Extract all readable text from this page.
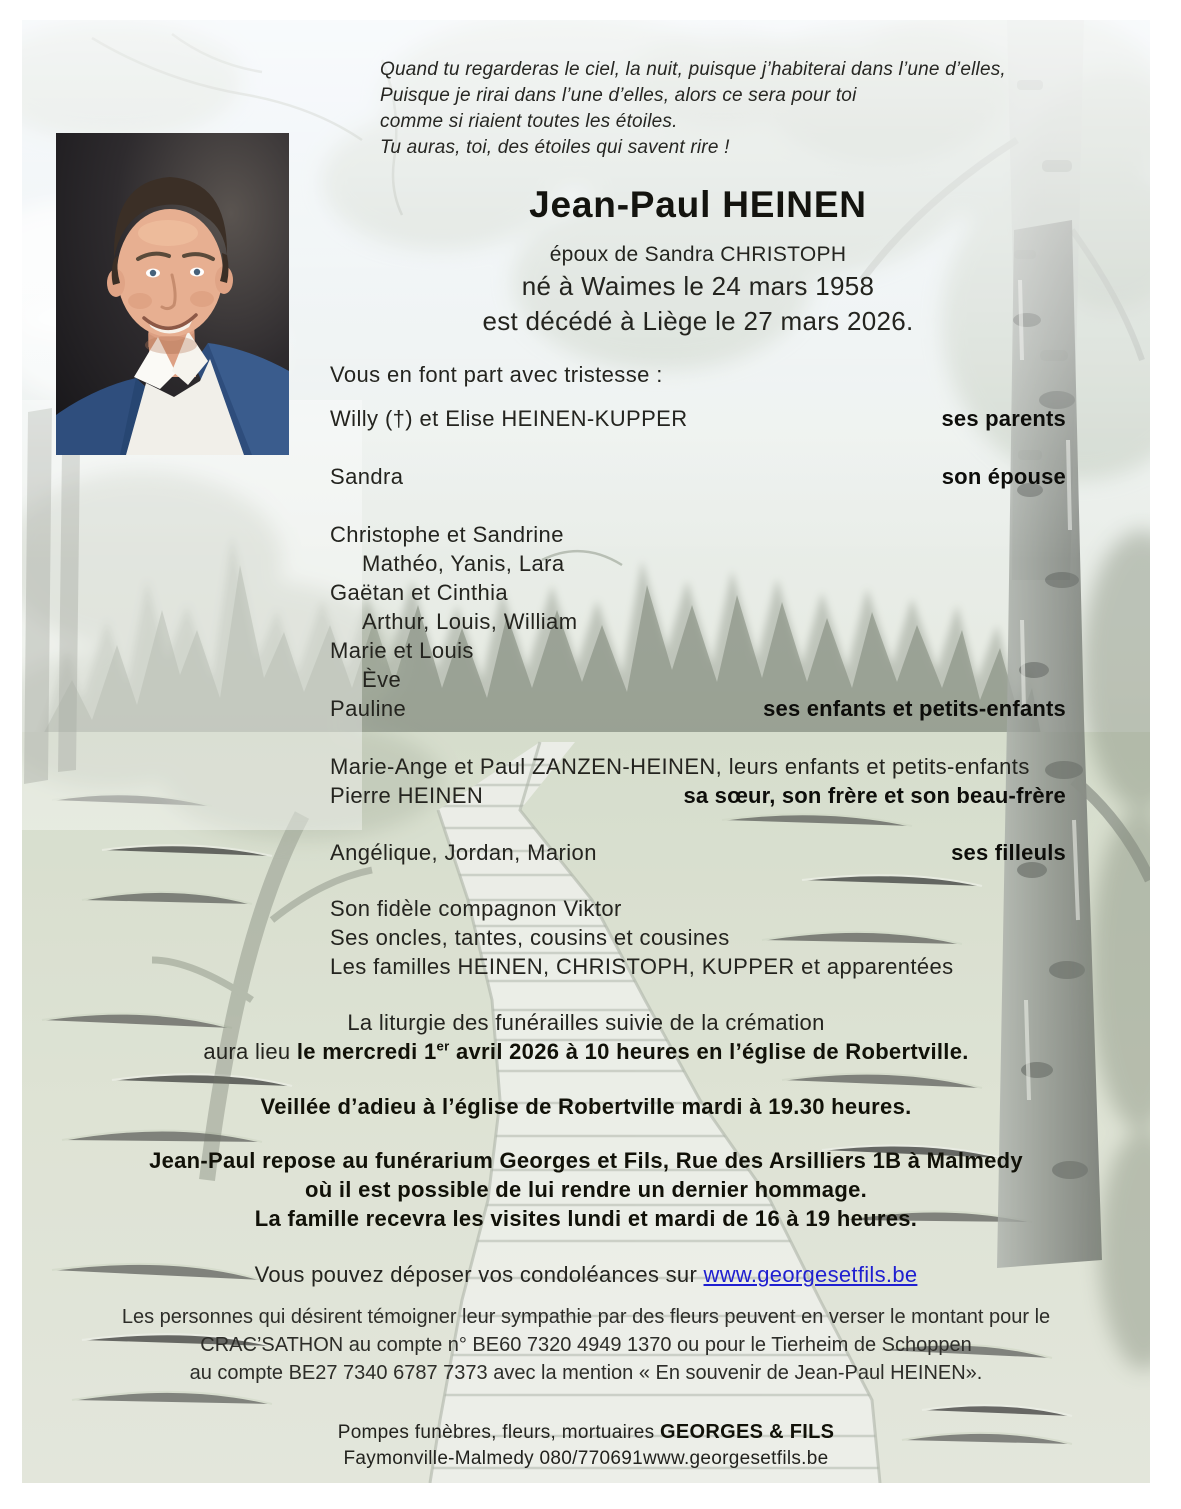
Quand tu regarderas le ciel, la nuit, puisque j’habiterai dans l’une d’elles,
Puisque je rirai dans l’une d’elles, alors ce sera pour toi
comme si riaient toutes les étoiles.
Tu auras, toi, des étoiles qui savent rire !
Jean-Paul HEINEN
époux de Sandra CHRISTOPH
né à Waimes le 24 mars 1958
est décédé à Liège le 27 mars 2026.
Vous en font part avec tristesse :
Willy (†) et Elise HEINEN-KUPPER	ses parents
Sandra	son épouse
Christophe et Sandrine
Mathéo, Yanis, Lara
Gaëtan et Cinthia
Arthur, Louis, William
Marie et Louis
Ève
Pauline	ses enfants et petits-enfants
Marie-Ange et Paul ZANZEN-HEINEN, leurs enfants et petits-enfants
Pierre HEINEN	sa sœur, son frère et son beau-frère
Angélique, Jordan, Marion	ses filleuls
Son fidèle compagnon Viktor
Ses oncles, tantes, cousins et cousines
Les familles HEINEN, CHRISTOPH, KUPPER et apparentées
La liturgie des funérailles suivie de la crémation
aura lieu le mercredi 1er avril 2026 à 10 heures en l’église de Robertville.
Veillée d’adieu à l’église de Robertville mardi à 19.30 heures.
Jean-Paul repose au funérarium Georges et Fils, Rue des Arsilliers 1B à Malmedy
où il est possible de lui rendre un dernier hommage.
La famille recevra les visites lundi et mardi de 16 à 19 heures.
Vous pouvez déposer vos condoléances sur www.georgesetfils.be
Les personnes qui désirent témoigner leur sympathie par des fleurs peuvent en verser le montant pour le
CRAC’SATHON au compte n° BE60 7320 4949 1370 ou pour le Tierheim de Schoppen
au compte BE27 7340 6787 7373 avec la mention « En souvenir de Jean-Paul HEINEN».
Pompes funèbres, fleurs, mortuaires GEORGES & FILS
Faymonville-Malmedy 080/770691www.georgesetfils.be
